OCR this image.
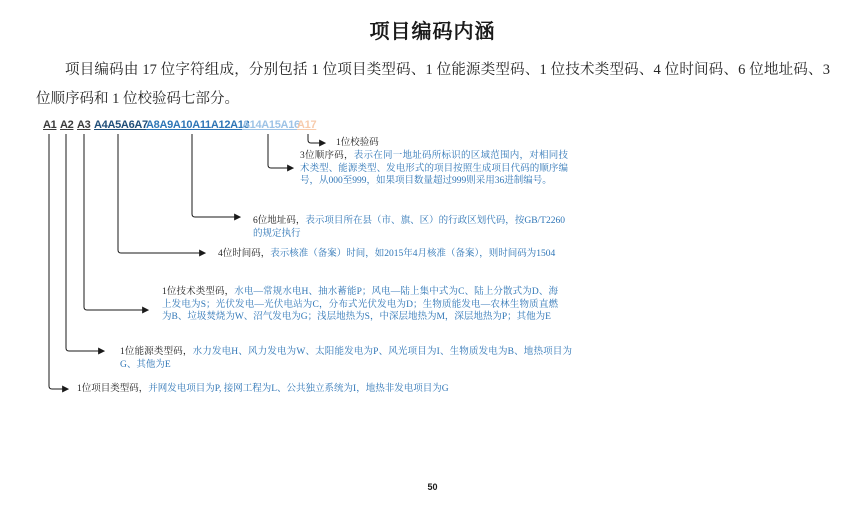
项目编码内涵
项目编码由 17 位字符组成，分别包括 1 位项目类型码、1 位能源类型码、1 位技术类型码、4 位时间码、6 位地址码、3 位顺序码和 1 位校验码七部分。
A1 A2 A3 A4A5A6A7
A8A9A10A11A12A13
A14A15A16
A17
1位校验码
3位顺序码，表示在同一地址码所标识的区域范围内，对相同技术类型、能源类型、发电形式的项目按照生成项目代码的顺序编号，从000至999，如果项目数量超过999则采用36进制编号。
6位地址码，表示项目所在县（市、旗、区）的行政区划代码，按GB/T2260的规定执行
4位时间码，表示核准（备案）时间，如2015年4月核准（备案），则时间码为1504
1位技术类型码，水电—常规水电H、抽水蓄能P；风电—陆上集中式为C、陆上分散式为D、海上发电为S；光伏发电—光伏电站为C，分布式光伏发电为D；生物质能发电—农林生物质直燃为B、垃圾焚烧为W、沼气发电为G；浅层地热为S，中深层地热为M，深层地热为P；其他为E
1位能源类型码，水力发电H、风力发电为W、太阳能发电为P、风光项目为I、生物质发电为B、地热项目为G、其他为E
1位项目类型码，并网发电项目为P, 接网工程为L、公共独立系统为I，地热非发电项目为G
50
